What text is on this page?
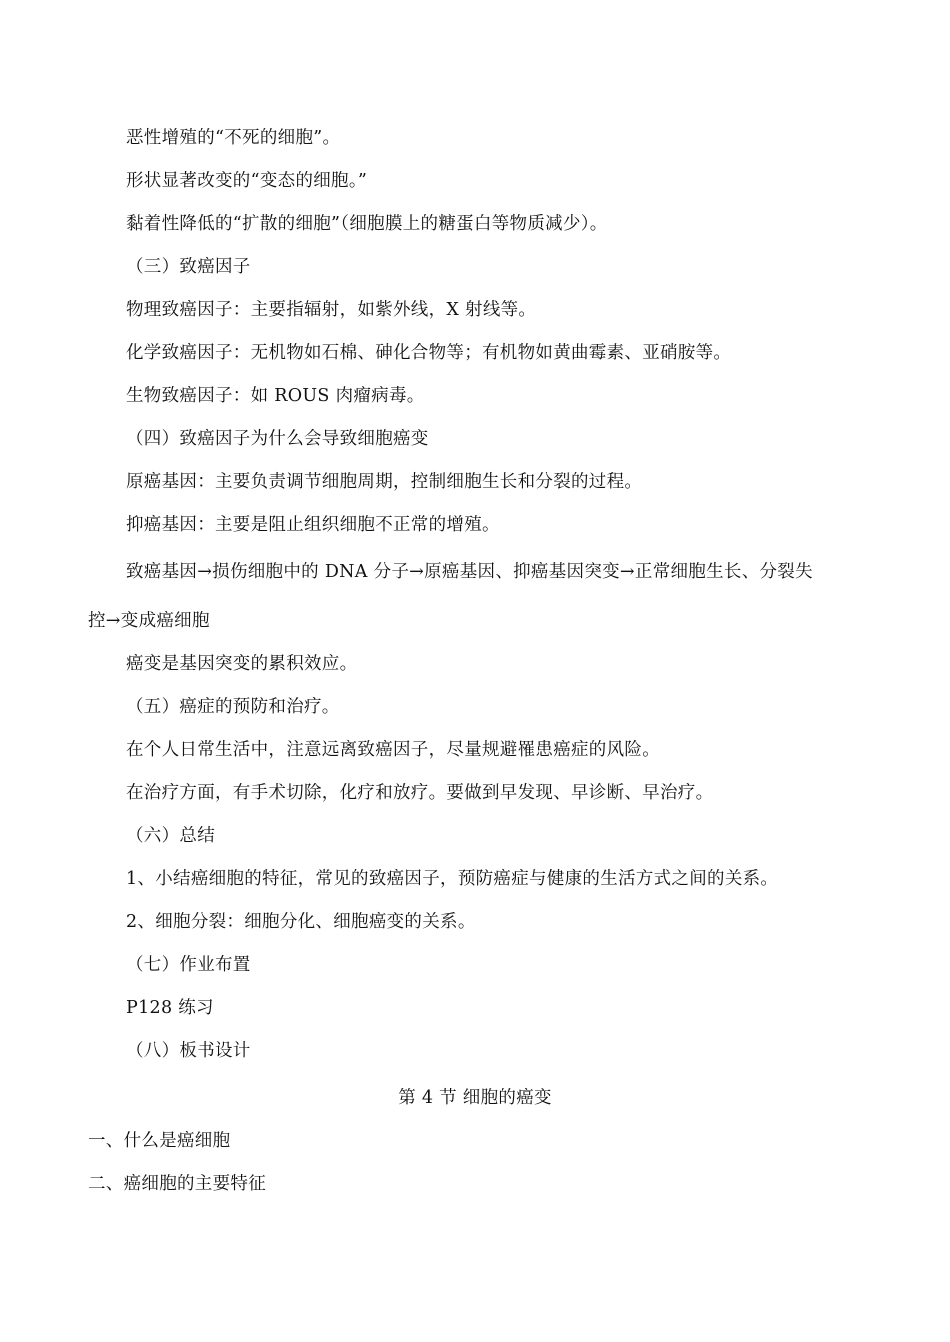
恶性增殖的“不死的细胞”。
形状显著改变的“变态的细胞。”
黏着性降低的“扩散的细胞”（细胞膜上的糖蛋白等物质减少）。
（三）致癌因子
物理致癌因子：主要指辐射，如紫外线，X 射线等。
化学致癌因子：无机物如石棉、砷化合物等；有机物如黄曲霉素、亚硝胺等。
生物致癌因子：如 ROUS 肉瘤病毒。
（四）致癌因子为什么会导致细胞癌变
原癌基因：主要负责调节细胞周期，控制细胞生长和分裂的过程。
抑癌基因：主要是阻止组织细胞不正常的增殖。
致癌基因→损伤细胞中的 DNA 分子→原癌基因、抑癌基因突变→正常细胞生长、分裂失
控→变成癌细胞
癌变是基因突变的累积效应。
（五）癌症的预防和治疗。
在个人日常生活中，注意远离致癌因子，尽量规避罹患癌症的风险。
在治疗方面，有手术切除，化疗和放疗。要做到早发现、早诊断、早治疗。
（六）总结
1、小结癌细胞的特征，常见的致癌因子，预防癌症与健康的生活方式之间的关系。
2、细胞分裂：细胞分化、细胞癌变的关系。
（七）作业布置
P128 练习
（八）板书设计
第 4 节 细胞的癌变
一、什么是癌细胞
二、癌细胞的主要特征
